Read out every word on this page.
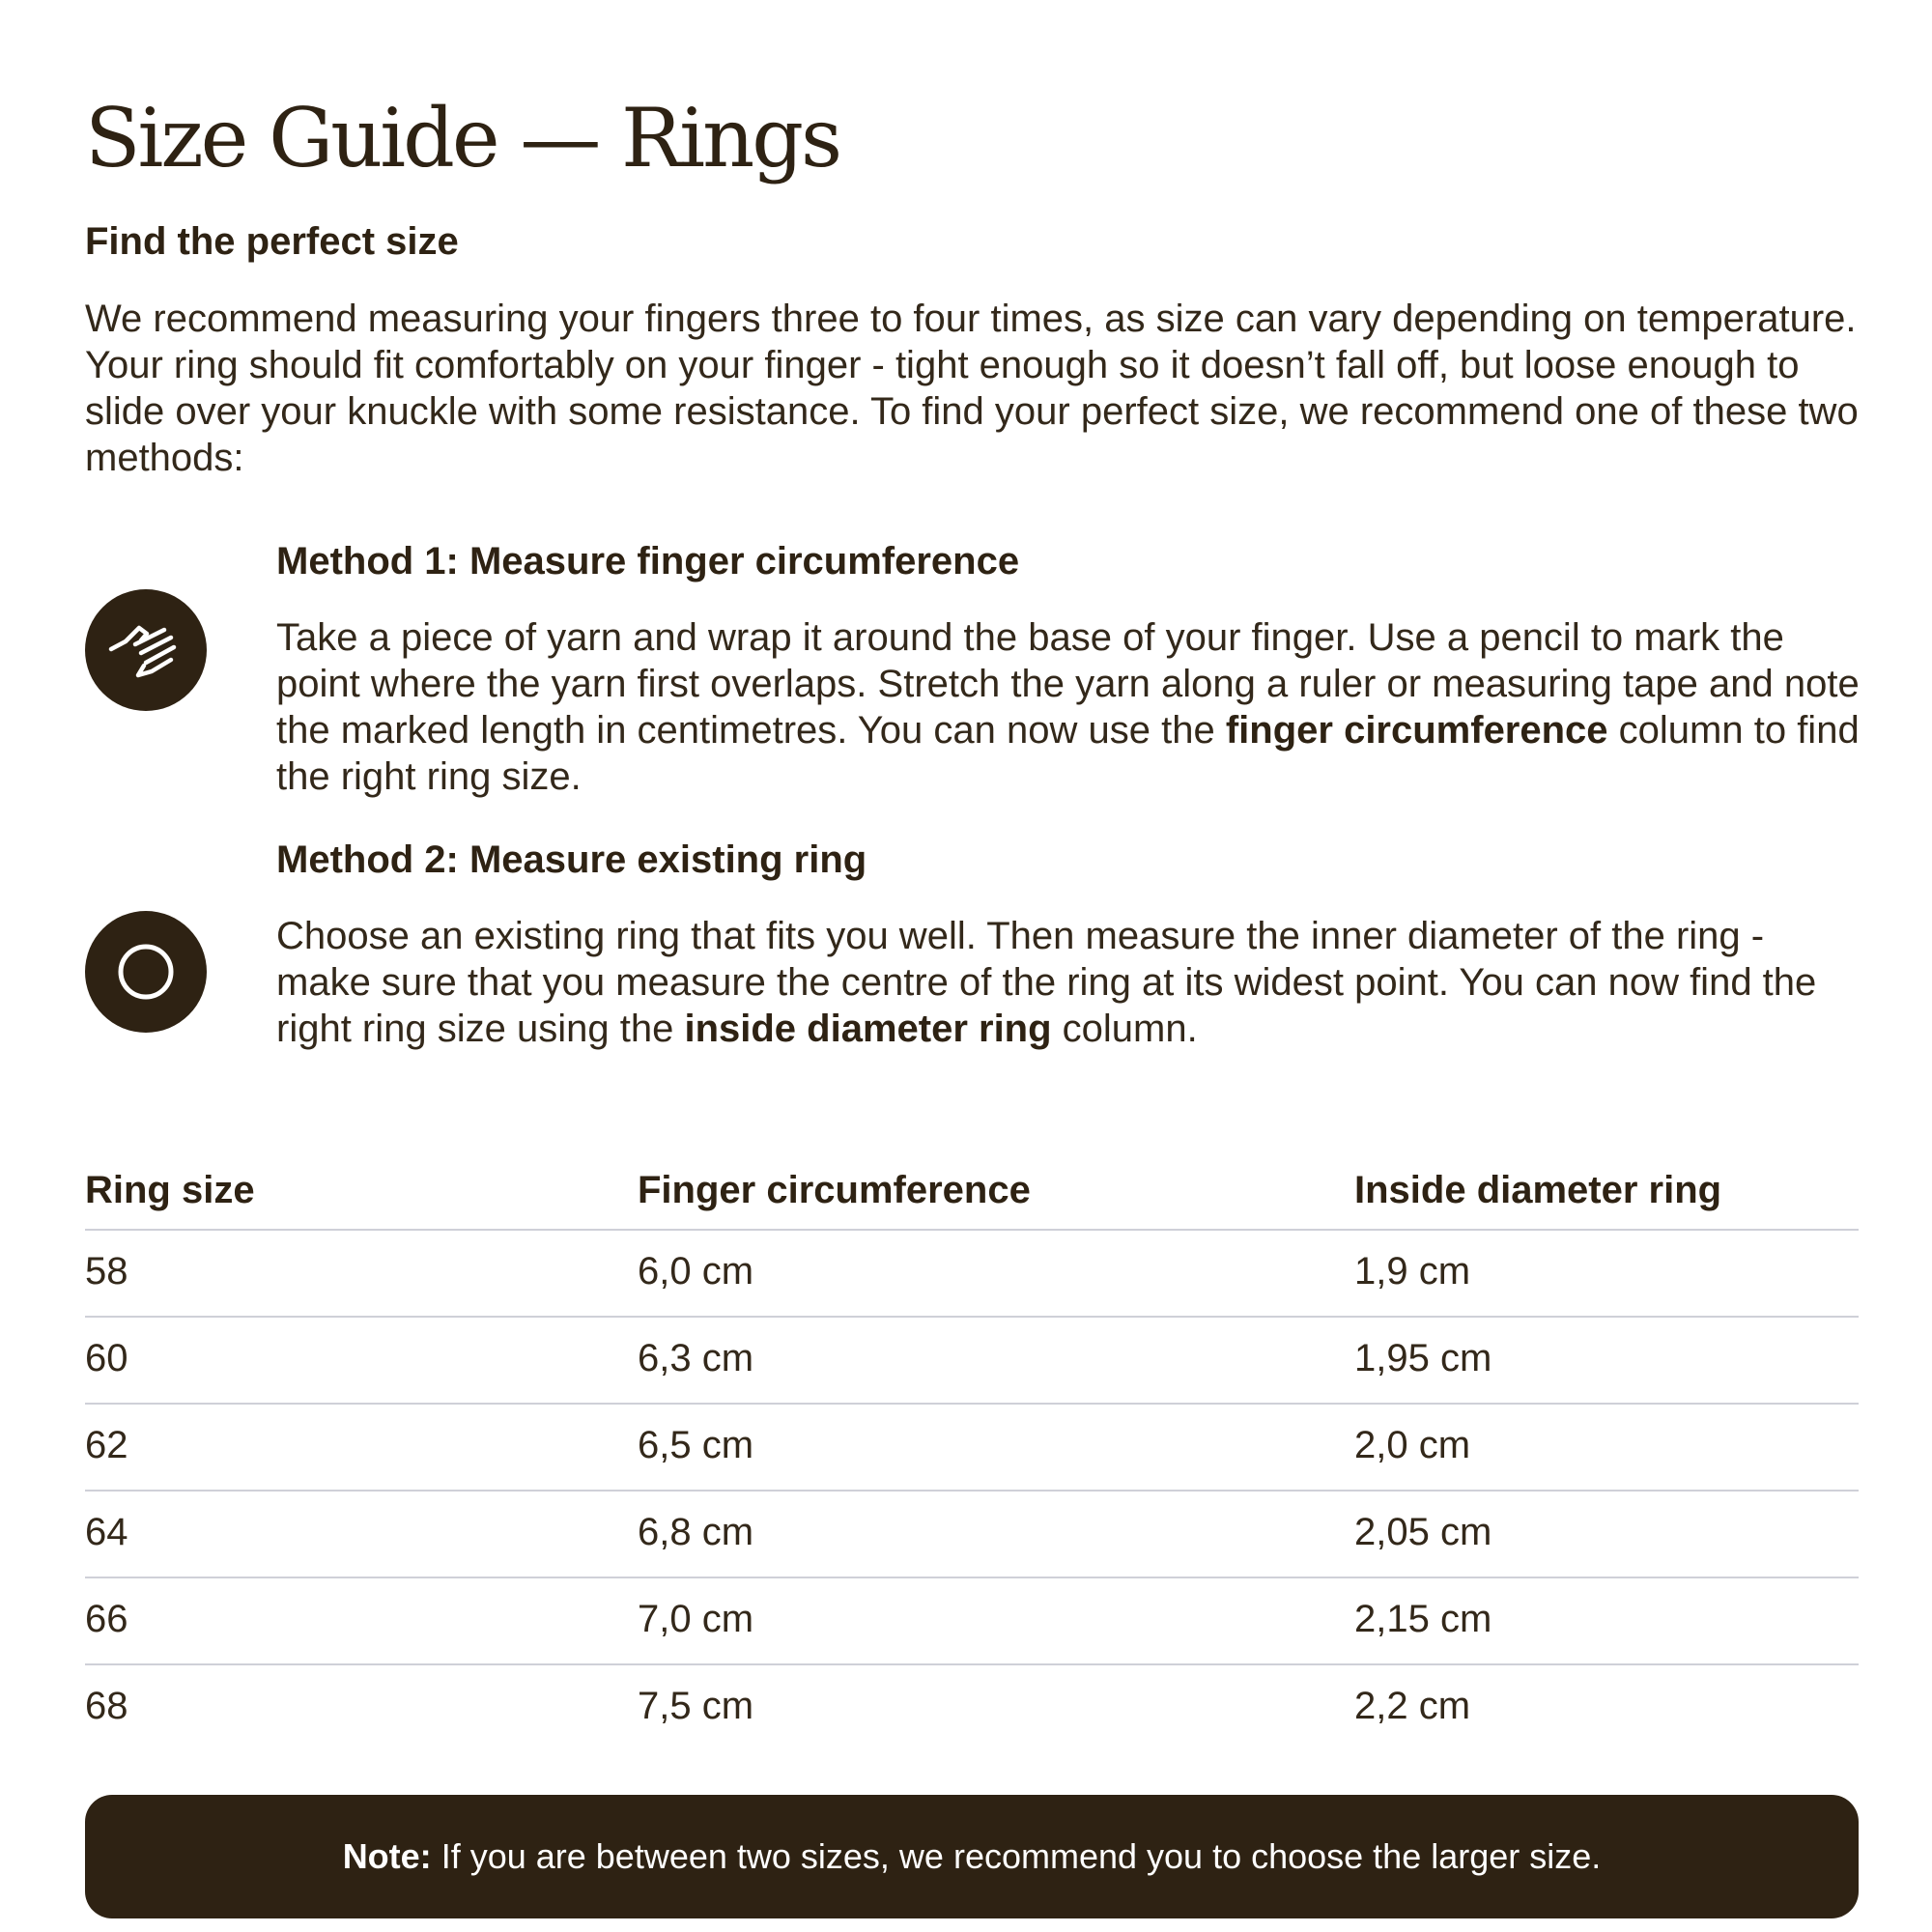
Size Guide — Rings
Find the perfect size

We recommend measuring your fingers three to four times, as size can vary depending on temperature. Your ring should fit comfortably on your finger - tight enough so it doesn’t fall off, but loose enough to slide over your knuckle with some resistance. To find your perfect size, we recommend one of these two methods:

Method 1: Measure finger circumference

Take a piece of yarn and wrap it around the base of your finger. Use a pencil to mark the point where the yarn first overlaps. Stretch the yarn along a ruler or measuring tape and note the marked length in centimetres. You can now use the finger circumference column to find the right ring size.

Method 2: Measure existing ring

Choose an existing ring that fits you well. Then measure the inner diameter of the ring - make sure that you measure the centre of the ring at its widest point. You can now find the right ring size using the inside diameter ring column.

Ring size	Finger circumference	Inside diameter ring
58	6,0 cm	1,9 cm
60	6,3 cm	1,95 cm
62	6,5 cm	2,0 cm
64	6,8 cm	2,05 cm
66	7,0 cm	2,15 cm
68	7,5 cm	2,2 cm
Note: If you are between two sizes, we recommend you to choose the larger size.
